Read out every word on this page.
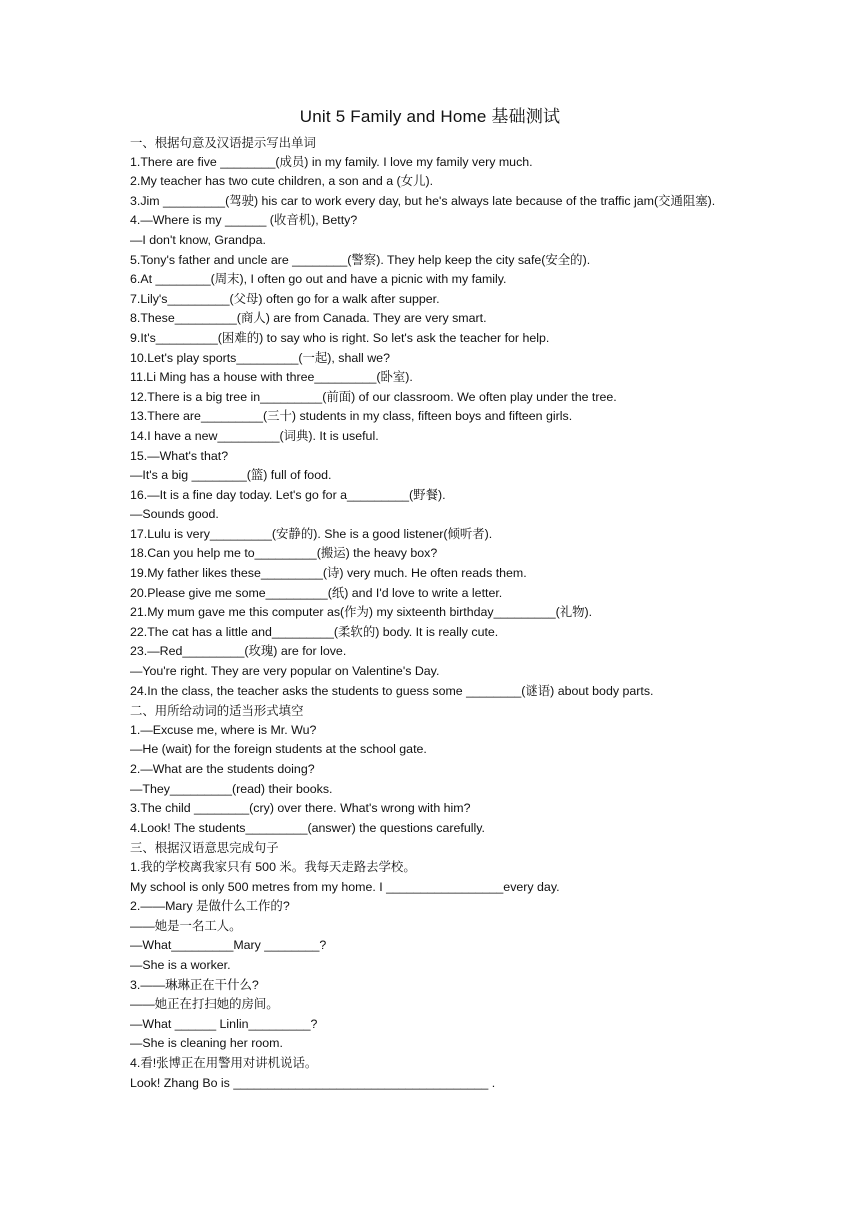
Unit 5 Family and Home 基础测试
一、根据句意及汉语提示写出单词
1.There are five ________(成员) in my family. I love my family very much.
2.My teacher has two cute children, a son and a (女儿).
3.Jim _________(驾驶) his car to work every day, but he's always late because of the traffic jam(交通阻塞).
4.—Where is my ______ (收音机), Betty?
—I don't know, Grandpa.
5.Tony's father and uncle are ________(警察). They help keep the city safe(安全的).
6.At ________(周末), I often go out and have a picnic with my family.
7.Lily's_________(父母) often go for a walk after supper.
8.These_________(商人) are from Canada. They are very smart.
9.It's_________(困难的) to say who is right. So let's ask the teacher for help.
10.Let's play sports_________(一起), shall we?
11.Li Ming has a house with three_________(卧室).
12.There is a big tree in_________(前面) of our classroom. We often play under the tree.
13.There are_________(三十) students in my class, fifteen boys and fifteen girls.
14.I have a new_________(词典). It is useful.
15.—What's that?
—It's a big ________(篮) full of food.
16.—It is a fine day today. Let's go for a_________(野餐).
—Sounds good.
17.Lulu is very_________(安静的). She is a good listener(倾听者).
18.Can you help me to_________(搬运) the heavy box?
19.My father likes these_________(诗) very much. He often reads them.
20.Please give me some_________(纸) and I'd love to write a letter.
21.My mum gave me this computer as(作为) my sixteenth birthday_________(礼物).
22.The cat has a little and_________(柔软的) body. It is really cute.
23.—Red_________(玫瑰) are for love.
—You're right. They are very popular on Valentine's Day.
24.In the class, the teacher asks the students to guess some ________(谜语) about body parts.
二、用所给动词的适当形式填空
1.—Excuse me, where is Mr. Wu?
—He (wait) for the foreign students at the school gate.
2.—What are the students doing?
—They_________(read) their books.
3.The child ________(cry) over there. What's wrong with him?
4.Look! The students_________(answer) the questions carefully.
三、根据汉语意思完成句子
1.我的学校离我家只有 500 米。我每天走路去学校。
My school is only 500 metres from my home. I _________________every day.
2.——Mary 是做什么工作的?
——她是一名工人。
—What_________Mary ________?
—She is a worker.
3.——琳琳正在干什么?
——她正在打扫她的房间。
—What ______ Linlin_________?
—She is cleaning her room.
4.看!张博正在用警用对讲机说话。
Look! Zhang Bo is _____________________________________ .
